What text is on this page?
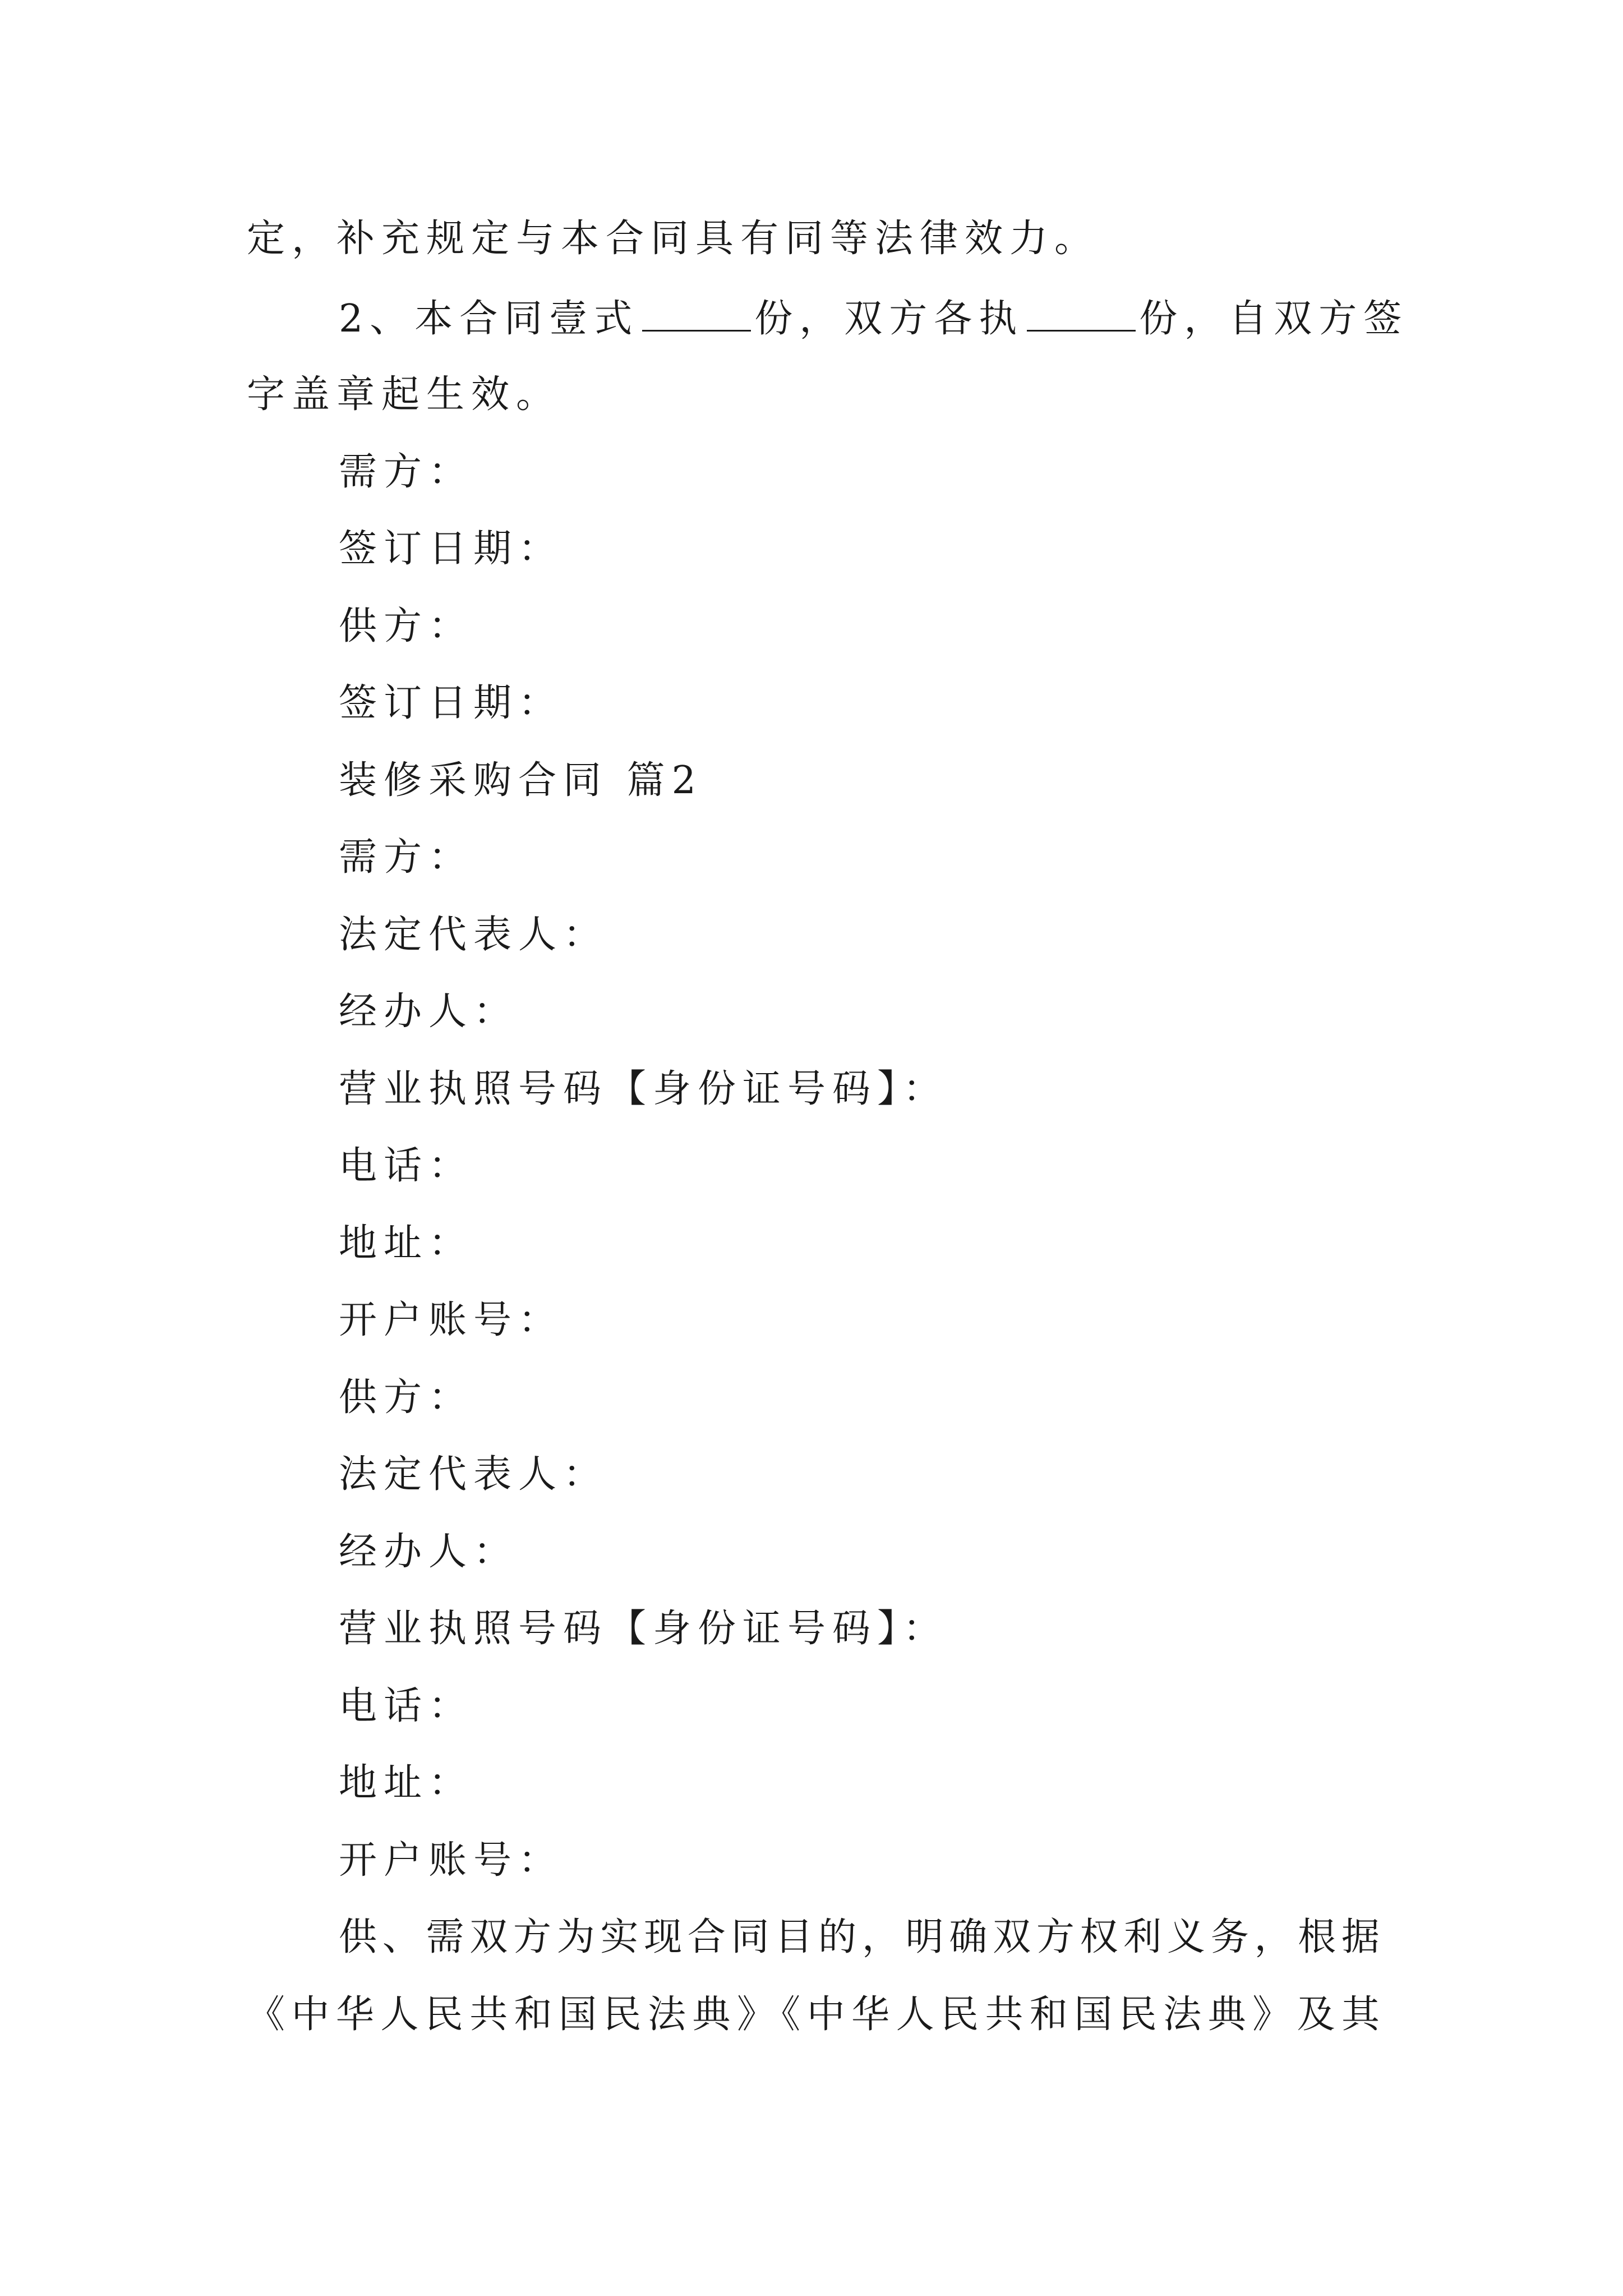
定，补充规定与本合同具有同等法律效力。

2、本合同壹式	份，双方各执	份，自双方签

字盖章起生效。

需方：

签订日期：

供方：

签订日期：

装修采购合同 篇2

需方：

法定代表人：

经办人：

营业执照号码【身份证号码】：

电话：

地址：

开户账号：

供方：

法定代表人：

经办人：

营业执照号码【身份证号码】：

电话：

地址：

开户账号：

供、需双方为实现合同目的，明确双方权利义务，根据

《中华人民共和国民法典》《中华人民共和国民法典》及其
